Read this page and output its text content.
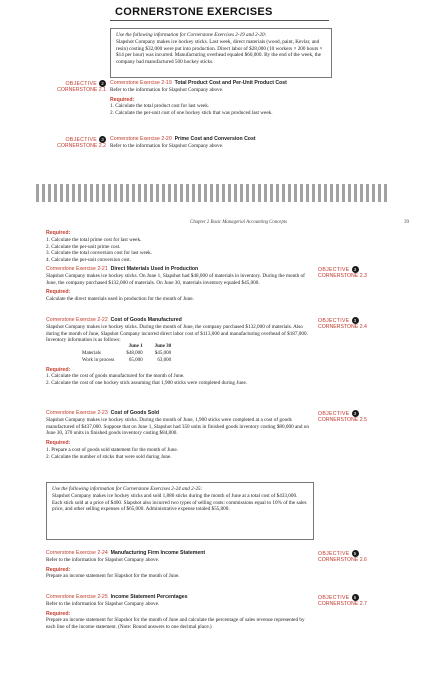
CORNERSTONE EXERCISES
Use the following information for Cornerstone Exercises 2-19 and 2-20:
Slapshot Company makes ice hockey sticks. Last week, direct materials (wood, paint, Kevlar, and resin) costing $32,000 were put into production. Direct labor of $28,000 (10 workers × 200 hours × $14 per hour) was incurred. Manufacturing overhead equaled $60,000. By the end of the week, the company had manufactured 500 hockey sticks.
OBJECTIVE 2
CORNERSTONE 2.1
Cornerstone Exercise 2-19 Total Product Cost and Per-Unit Product Cost
Refer to the information for Slapshot Company above.
Required:
1. Calculate the total product cost for last week.
2. Calculate the per-unit cost of one hockey stick that was produced last week.
OBJECTIVE 3
CORNERSTONE 2.2
Cornerstone Exercise 2-20 Prime Cost and Conversion Cost
Refer to the information for Slapshot Company above.
Chapter 2 Basic Managerial Accounting Concepts	39
Required:
1. Calculate the total prime cost for last week.
2. Calculate the per-unit prime cost.
3. Calculate the total conversion cost for last week.
4. Calculate the per-unit conversion cost.
Cornerstone Exercise 2-21 Direct Materials Used in Production
Slapshot Company makes ice hockey sticks. On June 1, Slapshot had $48,000 of materials in inventory. During the month of June, the company purchased $132,000 of materials. On June 30, materials inventory equaled $45,000.
Required:
Calculate the direct materials used in production for the month of June.
OBJECTIVE 3
CORNERSTONE 2.3
Cornerstone Exercise 2-22 Cost of Goods Manufactured
Slapshot Company makes ice hockey sticks. During the month of June, the company purchased $132,000 of materials. Also during the month of June, Slapshot Company incurred direct labor cost of $113,000 and manufacturing overhead of $187,000. Inventory information is as follows:
	June 1	June 30
Materials	$48,000	$45,000
Work in process	65,000	63,000
Required:
1. Calculate the cost of goods manufactured for the month of June.
2. Calculate the cost of one hockey stick assuming that 1,900 sticks were completed during June.
OBJECTIVE 3
CORNERSTONE 2.4
Cornerstone Exercise 2-23 Cost of Goods Sold
Slapshot Company makes ice hockey sticks. During the month of June, 1,900 sticks were completed at a cost of goods manufactured of $437,000. Suppose that on June 1, Slapshot had 350 units in finished goods inventory costing $80,000 and on June 30, 370 units in finished goods inventory costing $84,000.
Required:
1. Prepare a cost of goods sold statement for the month of June.
2. Calculate the number of sticks that were sold during June.
OBJECTIVE 3
CORNERSTONE 2.5
Use the following information for Cornerstone Exercises 2-24 and 2-25:
Slapshot Company makes ice hockey sticks and sold 1,880 sticks during the month of June at a total cost of $433,000. Each stick sold at a price of $400. Slapshot also incurred two types of selling costs: commissions equal to 10% of the sales price, and other selling expenses of $65,000. Administrative expense totaled $55,800.
Cornerstone Exercise 2-24 Manufacturing Firm Income Statement
Refer to the information for Slapshot Company above.
Required:
Prepare an income statement for Slapshot for the month of June.
OBJECTIVE 5
CORNERSTONE 2.6
Cornerstone Exercise 2-25 Income Statement Percentages
Refer to the information for Slapshot Company above.
Required:
Prepare an income statement for Slapshot for the month of June and calculate the percentage of sales revenue represented by each line of the income statement. (Note: Round answers to one decimal place.)
OBJECTIVE 5
CORNERSTONE 2.7
